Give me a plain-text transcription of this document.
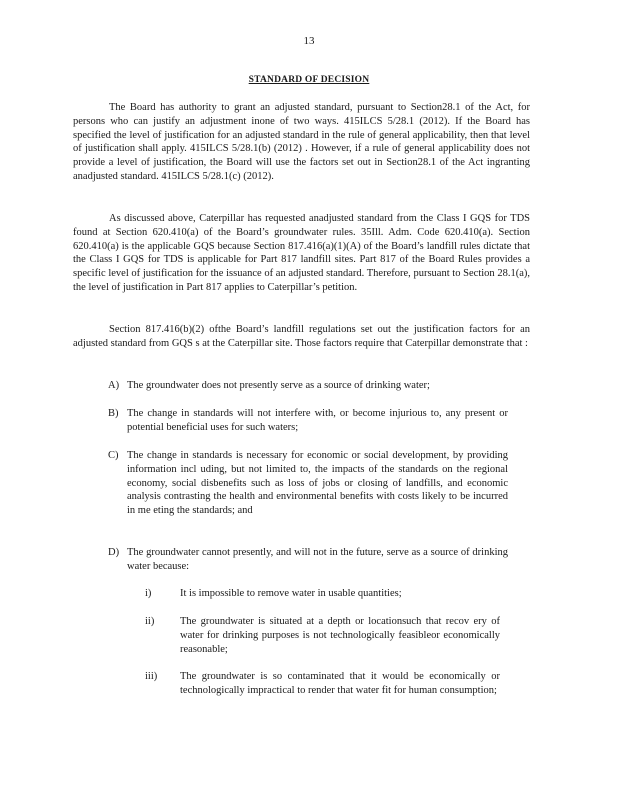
13
STANDARD OF DECISION

The Board has authority to grant an adjusted standard, pursuant to Section28.1 of the Act, for persons who can justify an adjustment inone of two ways. 415ILCS 5/28.1 (2012). If the Board has specified the level of justification for an adjusted standard in the rule of general applicability, then that level of justification shall apply. 415ILCS 5/28.1(b) (2012) . However, if a rule of general applicability does not provide a level of justification, the Board will use the factors set out in Section28.1 of the Act ingranting anadjusted standard. 415ILCS 5/28.1(c) (2012).

As discussed above, Caterpillar has requested anadjusted standard from the Class I GQS for TDS found at Section 620.410(a) of the Board’s groundwater rules. 35Ill. Adm. Code 620.410(a). Section 620.410(a) is the applicable GQS because Section 817.416(a)(1)(A) of the Board’s landfill rules dictate that the Class I GQS for TDS is applicable for Part 817 landfill sites. Part 817 of the Board Rules provides a specific level of justification for the issuance of an adjusted standard. Therefore, pursuant to Section 28.1(a), the level of justification in Part 817 applies to Caterpillar’s petition.

Section 817.416(b)(2) ofthe Board’s landfill regulations set out the justification factors for an adjusted standard from GQS s at the Caterpillar site. Those factors require that Caterpillar demonstrate that :

A) The groundwater does not presently serve as a source of drinking water;
B) The change in standards will not interfere with, or become injurious to, any present or potential beneficial uses for such waters;
C) The change in standards is necessary for economic or social development, by providing information incl uding, but not limited to, the impacts of the standards on the regional economy, social disbenefits such as loss of jobs or closing of landfills, and economic analysis contrasting the health and environmental benefits with costs likely to be incurred in me eting the standards; and
D) The groundwater cannot presently, and will not in the future, serve as a source of drinking water because:
i)	It is impossible to remove water in usable quantities;
ii) The groundwater is situated at a depth or locationsuch that recov ery of water for drinking purposes is not technologically feasibleor economically reasonable;
iii) The groundwater is so contaminated that it would be economically or technologically impractical to render that water fit for human consumption;
